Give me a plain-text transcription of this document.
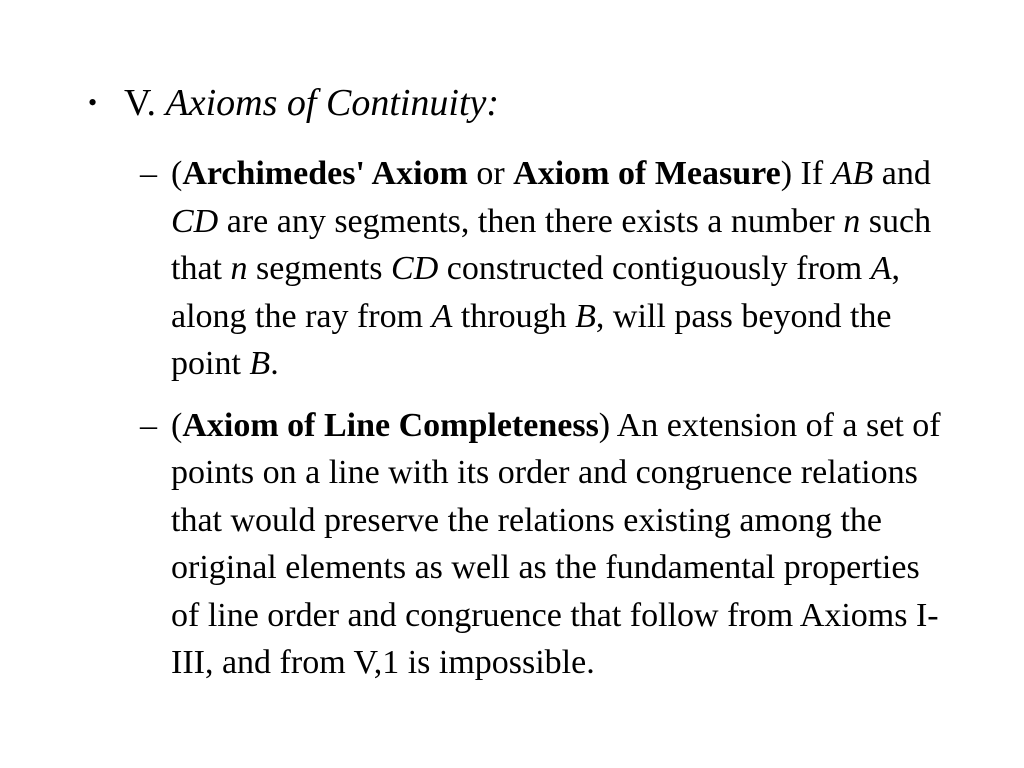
• V. Axioms of Continuity:
– (Archimedes' Axiom or Axiom of Measure) If AB and CD are any segments, then there exists a number n such that n segments CD constructed contiguously from A, along the ray from A through B, will pass beyond the point B.
– (Axiom of Line Completeness) An extension of a set of points on a line with its order and congruence relations that would preserve the relations existing among the original elements as well as the fundamental properties of line order and congruence that follow from Axioms I-III, and from V,1 is impossible.
